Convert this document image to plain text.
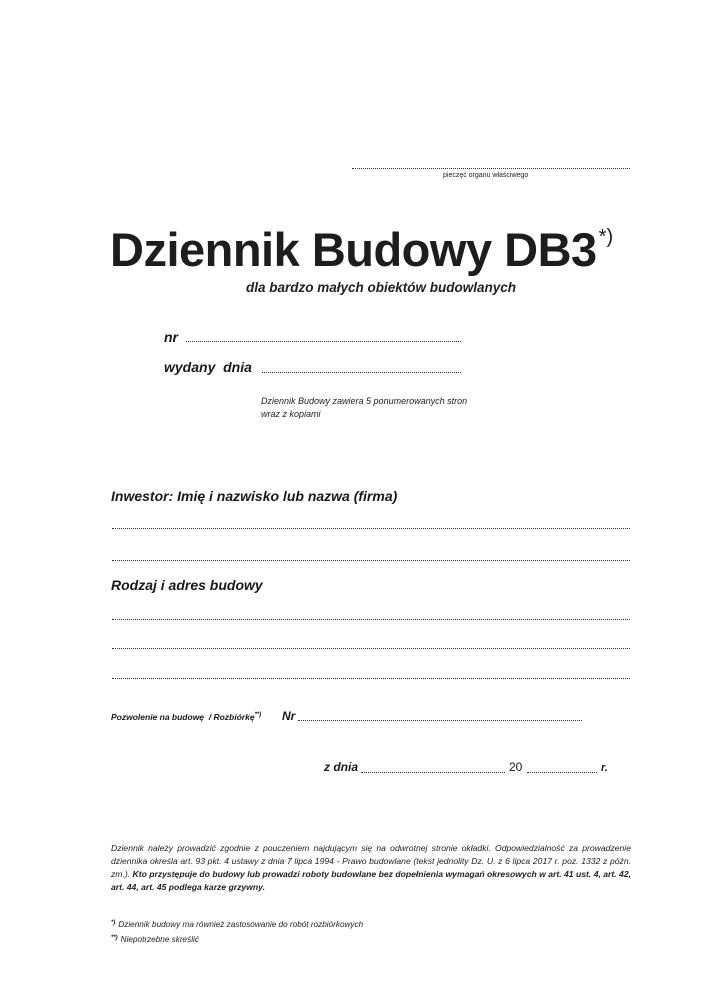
pieczęć organu właściwego
Dziennik Budowy DB3 *)
dla bardzo małych obiektów budowlanych
nr
wydany  dnia
Dziennik Budowy zawiera 5 ponumerowanych stron
wraz z kopiami
Inwestor: Imię i nazwisko lub nazwa (firma)
Rodzaj i adres budowy
Pozwolenie na budowę  / Rozbiórkę**) Nr
z dnia	20	r.
Dziennik należy prowadzić zgodnie z pouczeniem najdującym się na odwrotnej stronie okładki. Odpowiedzialność za prowadzenie dziennika określa art. 93 pkt. 4 ustawy z dnia 7 lipca 1994 - Prawo budowlane (tekst jednolity Dz. U. z 6 lipca 2017 r. poz. 1332 z późn. zm.). Kto przystępuje do budowy lub prowadzi roboty budowlane bez dopełnienia wymagań okresowych w art. 41 ust. 4, art. 42, art. 44, art. 45 podlega karze grzywny.
*) Dziennik budowy ma również zastosowanie do robót rozbiórkowych
**) Niepotrzebne skreślić
